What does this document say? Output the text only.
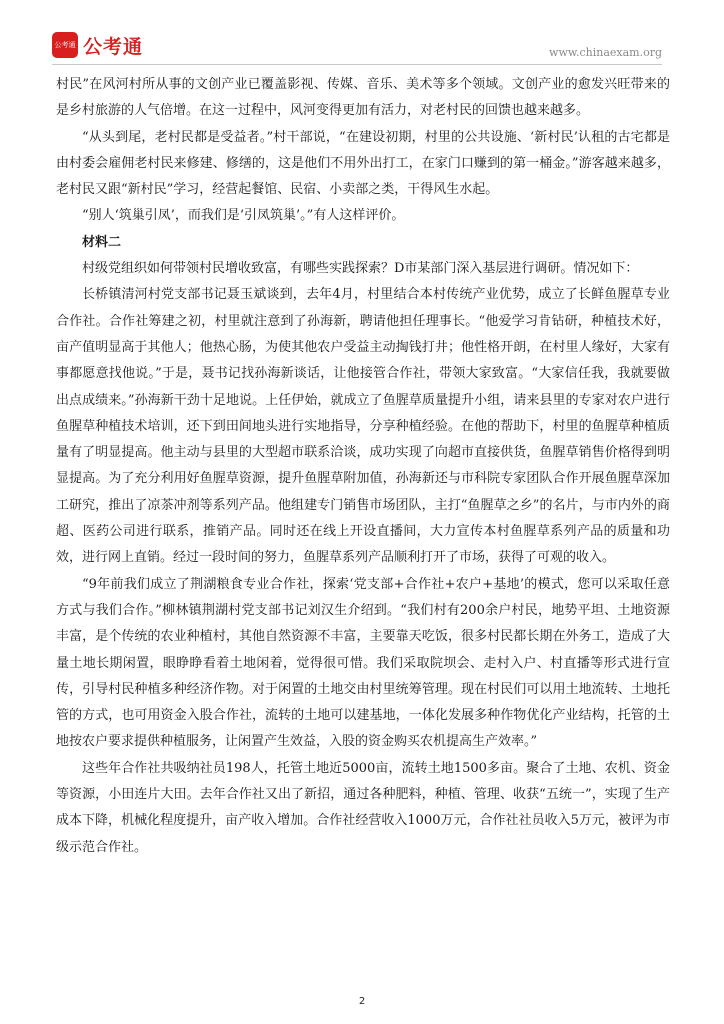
公考通 公考通	www.chinaexam.org

村民”在风河村所从事的文创产业已覆盖影视、传媒、音乐、美术等多个领域。文创产业的愈发兴旺带来的是乡村旅游的人气倍增。在这一过程中，风河变得更加有活力，对老村民的回馈也越来越多。

“从头到尾，老村民都是受益者。”村干部说，“在建设初期，村里的公共设施、‘新村民’认租的古宅都是由村委会雇佣老村民来修建、修缮的，这是他们不用外出打工，在家门口赚到的第一桶金。”游客越来越多，老村民又跟“新村民”学习，经营起餐馆、民宿、小卖部之类，干得风生水起。

“别人‘筑巢引凤’，而我们是‘引凤筑巢’。”有人这样评价。

材料二

村级党组织如何带领村民增收致富，有哪些实践探索？D市某部门深入基层进行调研。情况如下：

长桥镇清河村党支部书记聂玉斌谈到，去年4月，村里结合本村传统产业优势，成立了长鲜鱼腥草专业合作社。合作社筹建之初，村里就注意到了孙海新，聘请他担任理事长。“他爱学习肯钻研，种植技术好，亩产值明显高于其他人；他热心肠，为使其他农户受益主动掏钱打井；他性格开朗，在村里人缘好，大家有事都愿意找他说。”于是，聂书记找孙海新谈话，让他接管合作社，带领大家致富。“大家信任我，我就要做出点成绩来。”孙海新干劲十足地说。上任伊始，就成立了鱼腥草质量提升小组，请来县里的专家对农户进行鱼腥草种植技术培训，还下到田间地头进行实地指导，分享种植经验。在他的帮助下，村里的鱼腥草种植质量有了明显提高。他主动与县里的大型超市联系洽谈，成功实现了向超市直接供货，鱼腥草销售价格得到明显提高。为了充分利用好鱼腥草资源，提升鱼腥草附加值，孙海新还与市科院专家团队合作开展鱼腥草深加工研究，推出了凉茶冲剂等系列产品。他组建专门销售市场团队，主打“鱼腥草之乡”的名片，与市内外的商超、医药公司进行联系，推销产品。同时还在线上开设直播间，大力宣传本村鱼腥草系列产品的质量和功效，进行网上直销。经过一段时间的努力，鱼腥草系列产品顺利打开了市场，获得了可观的收入。

“9年前我们成立了荆湖粮食专业合作社，探索‘党支部+合作社+农户+基地’的模式，您可以采取任意方式与我们合作。”柳林镇荆湖村党支部书记刘汉生介绍到。“我们村有200余户村民，地势平坦、土地资源丰富，是个传统的农业种植村，其他自然资源不丰富，主要靠天吃饭，很多村民都长期在外务工，造成了大量土地长期闲置，眼睁睁看着土地闲着，觉得很可惜。我们采取院坝会、走村入户、村直播等形式进行宣传，引导村民种植多种经济作物。对于闲置的土地交由村里统筹管理。现在村民们可以用土地流转、土地托管的方式，也可用资金入股合作社，流转的土地可以建基地，一体化发展多种作物优化产业结构，托管的土地按农户要求提供种植服务，让闲置产生效益，入股的资金购买农机提高生产效率。”

这些年合作社共吸纳社员198人，托管土地近5000亩，流转土地1500多亩。聚合了土地、农机、资金等资源，小田连片大田。去年合作社又出了新招，通过各种肥料，种植、管理、收获“五统一”，实现了生产成本下降，机械化程度提升，亩产收入增加。合作社经营收入1000万元，合作社社员收入5万元，被评为市级示范合作社。

2
